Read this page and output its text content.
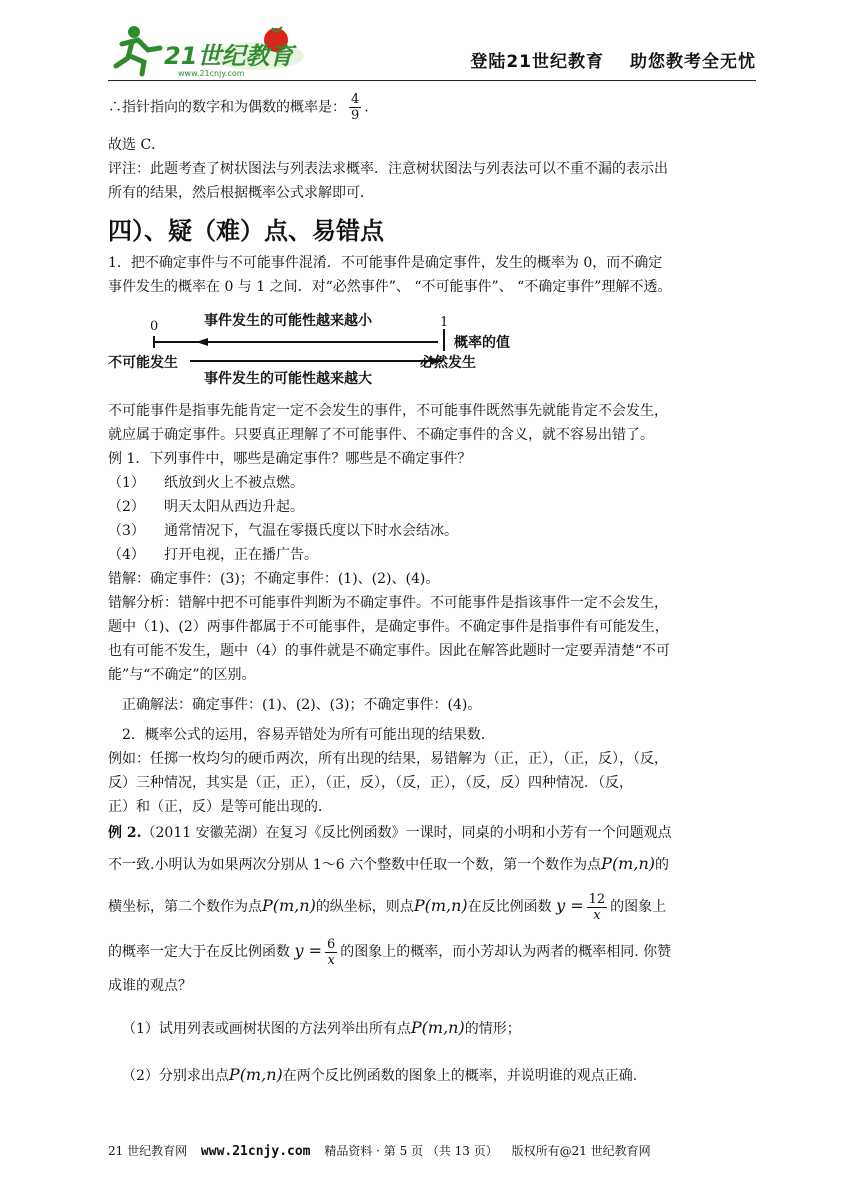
21世纪教育
www.21cnjy.com
登陆21世纪教育 助您教考全无忧
∴指针指向的数字和为偶数的概率是： $\frac{4}{9}$ .
故选 C．
评注：此题考查了树状图法与列表法求概率．注意树状图法与列表法可以不重不漏的表示出
所有的结果，然后根据概率公式求解即可．
四）、疑（难）点、易错点
1．把不确定事件与不可能事件混淆．不可能事件是确定事件，发生的概率为 0，而不确定
事件发生的概率在 0 与 1 之间．对“必然事件”、 “不可能事件”、 “不确定事件”理解不透。
0	1
事件发生的可能性越来越小
概率的值
不可能发生
事件发生的可能性越来越大
必然发生
不可能事件是指事先能肯定一定不会发生的事件，不可能事件既然事先就能肯定不会发生，
就应属于确定事件。只要真正理解了不可能事件、不确定事件的含义，就不容易出错了。
例 1．下列事件中，哪些是确定事件？哪些是不确定事件？
（1） 纸放到火上不被点燃。
（2） 明天太阳从西边升起。
（3） 通常情况下，气温在零摄氏度以下时水会结冰。
（4） 打开电视，正在播广告。
错解：确定事件：(3)；不确定事件：(1)、(2)、(4)。
错解分析：错解中把不可能事件判断为不确定事件。不可能事件是指该事件一定不会发生，
题中（1)、(2）两事件都属于不可能事件，是确定事件。不确定事件是指事件有可能发生，
也有可能不发生，题中（4）的事件就是不确定事件。因此在解答此题时一定要弄清楚“不可
能”与“不确定”的区别。
正确解法：确定事件：(1)、(2)、(3)；不确定事件：(4)。
2．概率公式的运用，容易弄错处为所有可能出现的结果数．
例如：任掷一枚均匀的硬币两次，所有出现的结果，易错解为（正，正），（正，反），（反，
反）三种情况，其实是（正，正），（正，反），（反，正），（反，反）四种情况．（反，
正）和（正，反）是等可能出现的．
例 2.（2011 安徽芜湖）在复习《反比例函数》一课时，同桌的小明和小芳有一个问题观点
不一致.小明认为如果两次分别从 1～6 六个整数中任取一个数，第一个数作为点P(m,n)的
横坐标，第二个数作为点P(m,n)的纵坐标，则点P(m,n)在反比例函数 $y = \frac{12}{x}$ 的图象上
的概率一定大于在反比例函数 $y = \frac{6}{x}$ 的图象上的概率，而小芳却认为两者的概率相同. 你赞
成谁的观点？
（1）试用列表或画树状图的方法列举出所有点P(m,n)的情形；
（2）分别求出点P(m,n)在两个反比例函数的图象上的概率，并说明谁的观点正确.
21 世纪教育网 www.21cnjy.com 精品资料 · 第 5 页 （共 13 页） 版权所有@21 世纪教育网
